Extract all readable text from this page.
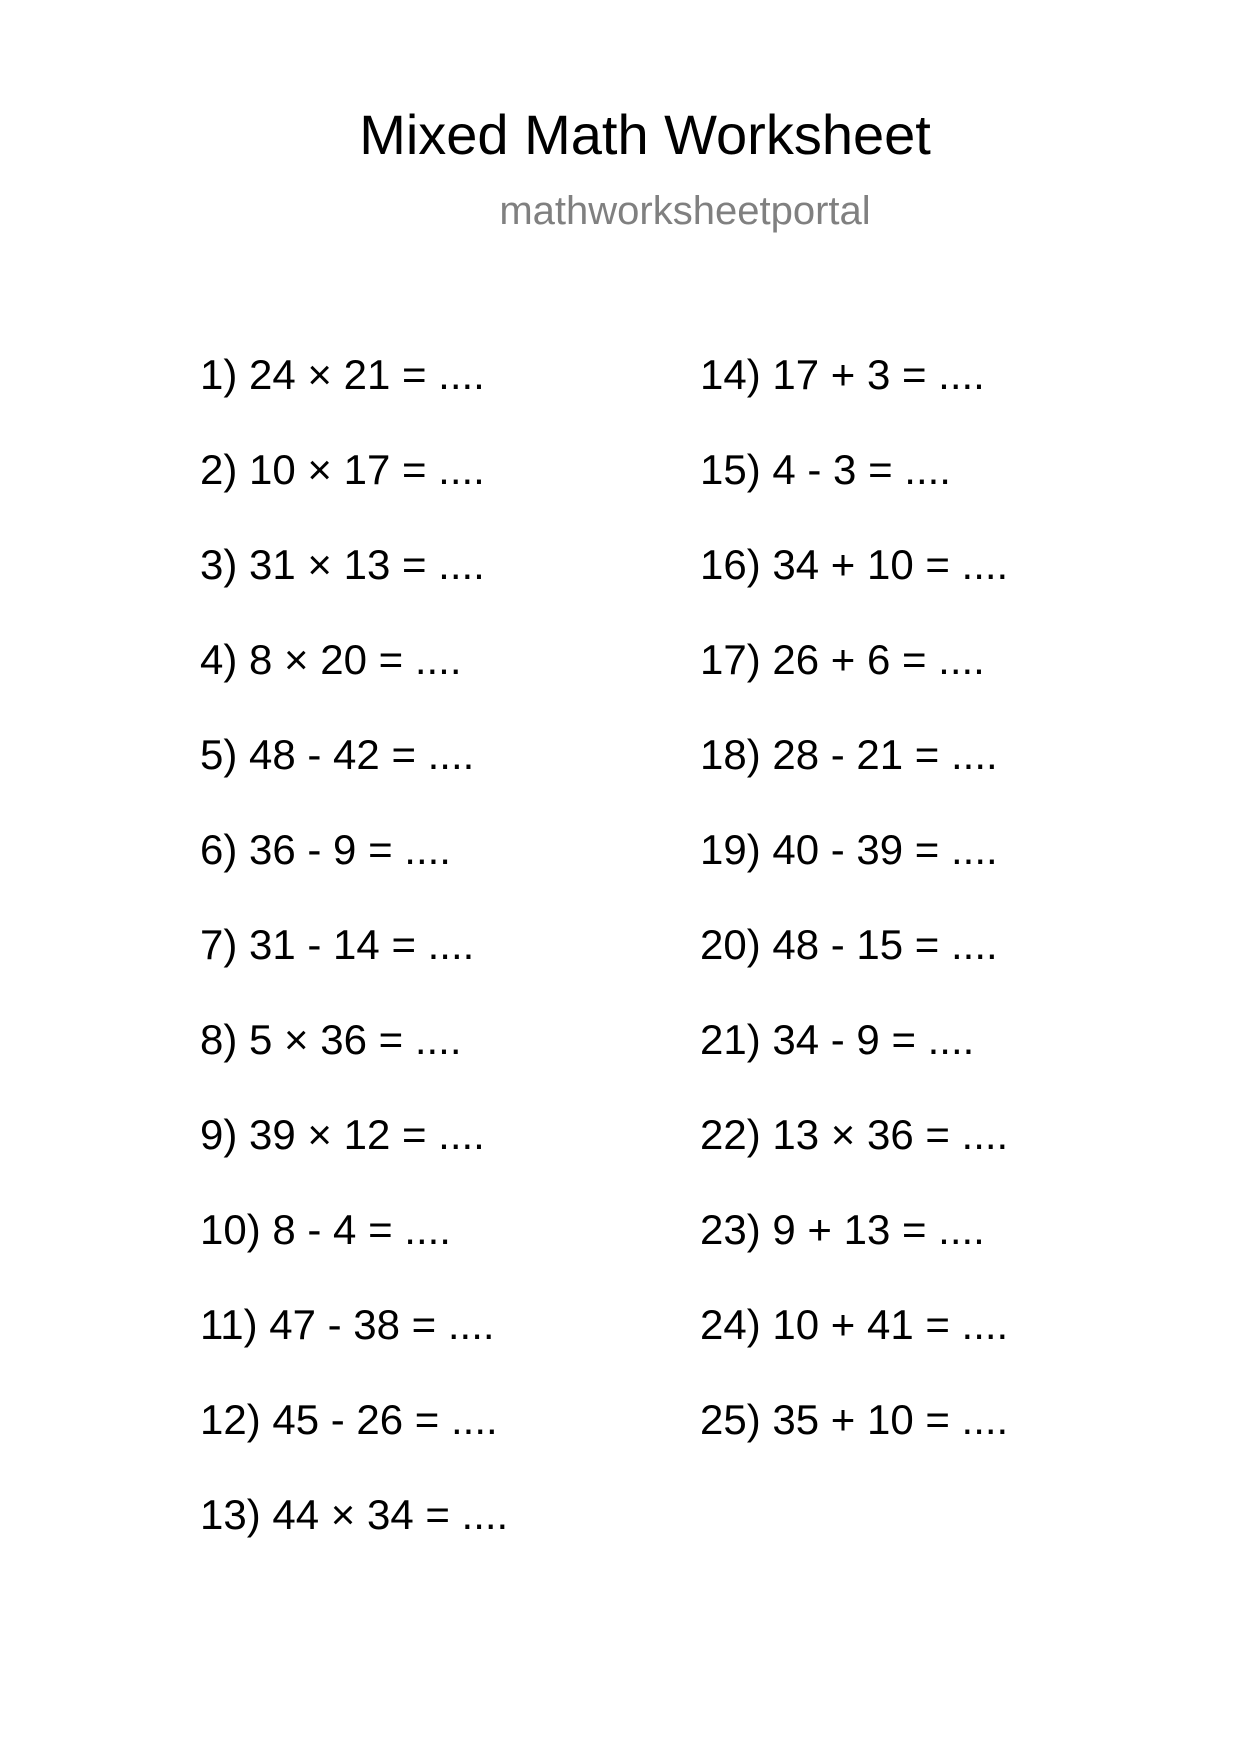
Mixed Math Worksheet
mathworksheetportal
1) 24 × 21 = ....
2) 10 × 17 = ....
3) 31 × 13 = ....
4) 8 × 20 = ....
5) 48 - 42 = ....
6) 36 - 9 = ....
7) 31 - 14 = ....
8) 5 × 36 = ....
9) 39 × 12 = ....
10) 8 - 4 = ....
11) 47 - 38 = ....
12) 45 - 26 = ....
13) 44 × 34 = ....
14) 17 + 3 = ....
15) 4 - 3 = ....
16) 34 + 10 = ....
17) 26 + 6 = ....
18) 28 - 21 = ....
19) 40 - 39 = ....
20) 48 - 15 = ....
21) 34 - 9 = ....
22) 13 × 36 = ....
23) 9 + 13 = ....
24) 10 + 41 = ....
25) 35 + 10 = ....
